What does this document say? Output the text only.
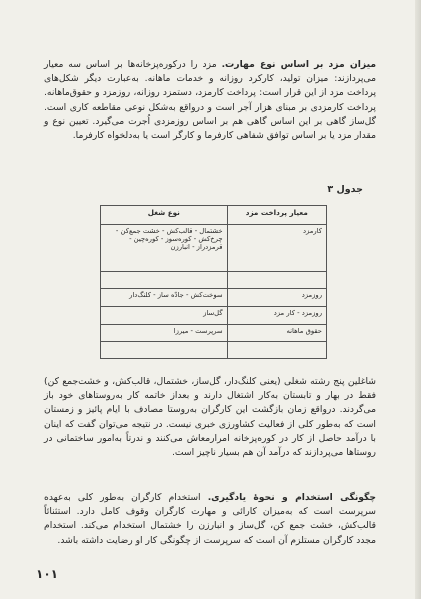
میزان مزد بر اساس نوع مهارت. مزد را درکوره‌پزخانه‌ها بر اساس سه معیار می‌پردازند: میزان تولید، کارکرد روزانه و خدمات ماهانه. به‌عبارت دیگر شکل‌های پرداخت مزد از این قرار است: پرداخت کارمزد، دستمزد روزانه، روزمزد و حقوق‌ماهانه. پرداخت کارمزدی بر مبنای هزار آجر است و درواقع به‌شکل نوعی مقاطعه کاری است. گل‌ساز گاهی بر این اساس گاهی هم بر اساس روزمزدی اُجرت می‌گیرد. تعیین نوع و مقدار مزد یا بر اساس توافق شفاهی کارفرما و کارگر است یا به‌دلخواه کارفرما.
جدول ۳
معیار پرداخت مزد	نوع شغل
کارمزد	خشتمال - قالب‌کش - خشت جمع‌کن - چرخ‌کش - کوره‌سوز - کوره‌چین - قرمزدراز - انبارزن

روزمزد	سوخت‌کش - جادّه ساز - کلنگ‌دار
روزمزد - کار مزد	گل‌ساز
حقوق ماهانه	سرپرست - میرزا

شاغلین پنج رشته شغلی (یعنی کلنگ‌دار، گل‌ساز، خشتمال، قالب‌کش، و خشت‌جمع کن) فقط در بهار و تابستان به‌کار اشتغال دارند و بعداز خاتمه کار به‌روستاهای خود باز می‌گردند. درواقع زمان بازگشت این کارگران به‌روستا مصادف با ایام پائیز و زمستان است که به‌طور کلی از فعالیت کشاورزی خبری نیست. در نتیجه می‌توان گفت که اینان با درآمد حاصل از کار در کوره‌پزخانه امرارمعاش می‌کنند و ندرتاً به‌امور ساختمانی در روستاها می‌پردازند که درآمد آن هم بسیار ناچیز است.
چگونگی استخدام و نحوهٔ یادگیری. استخدام کارگران به‌طور کلی به‌عهده سرپرست است که به‌میزان کارائی و مهارت کارگران وقوف کامل دارد. استثنائاً قالب‌کش، خشت جمع کن، گل‌ساز و انبارزن را خشتمال استخدام می‌کند. استخدام مجدد کارگران مستلزم آن است که سرپرست از چگونگی کار او رضایت داشته باشد.
۱۰۱
